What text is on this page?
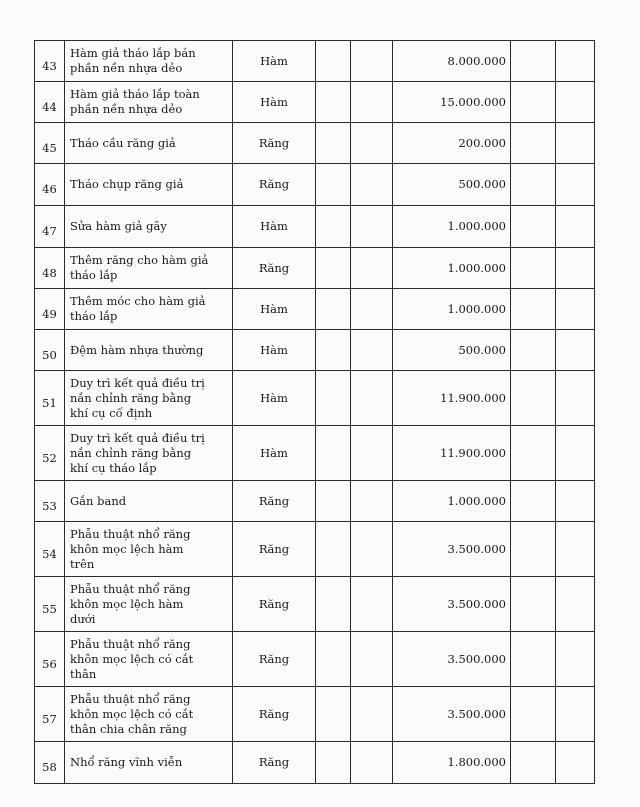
43	Hàm giả tháo lắp bán
phần nền nhựa dẻo	Hàm			8.000.000		
44	Hàm giả tháo lắp toàn
phần nền nhựa dẻo	Hàm			15.000.000		
45	Tháo cầu răng giả	Răng			200.000		
46	Tháo chụp răng giả	Răng			500.000		
47	Sửa hàm giả gãy	Hàm			1.000.000		
48	Thêm răng cho hàm giả
tháo lắp	Răng			1.000.000		
49	Thêm móc cho hàm giả
tháo lắp	Hàm			1.000.000		
50	Đệm hàm nhựa thường	Hàm			500.000		
51	Duy trì kết quả điều trị
nắn chỉnh răng bằng
khí cụ cố định	Hàm			11.900.000		
52	Duy trì kết quả điều trị
nắn chỉnh răng bằng
khí cụ tháo lắp	Hàm			11.900.000		
53	Gắn band	Răng			1.000.000		
54	Phẫu thuật nhổ răng
khôn mọc lệch hàm
trên	Răng			3.500.000		
55	Phẫu thuật nhổ răng
khôn mọc lệch hàm
dưới	Răng			3.500.000		
56	Phẫu thuật nhổ răng
khôn mọc lệch có cắt
thân	Răng			3.500.000		
57	Phẫu thuật nhổ răng
khôn mọc lệch có cắt
thân chia chân răng	Răng			3.500.000		
58	Nhổ răng vĩnh viễn	Răng			1.800.000		
